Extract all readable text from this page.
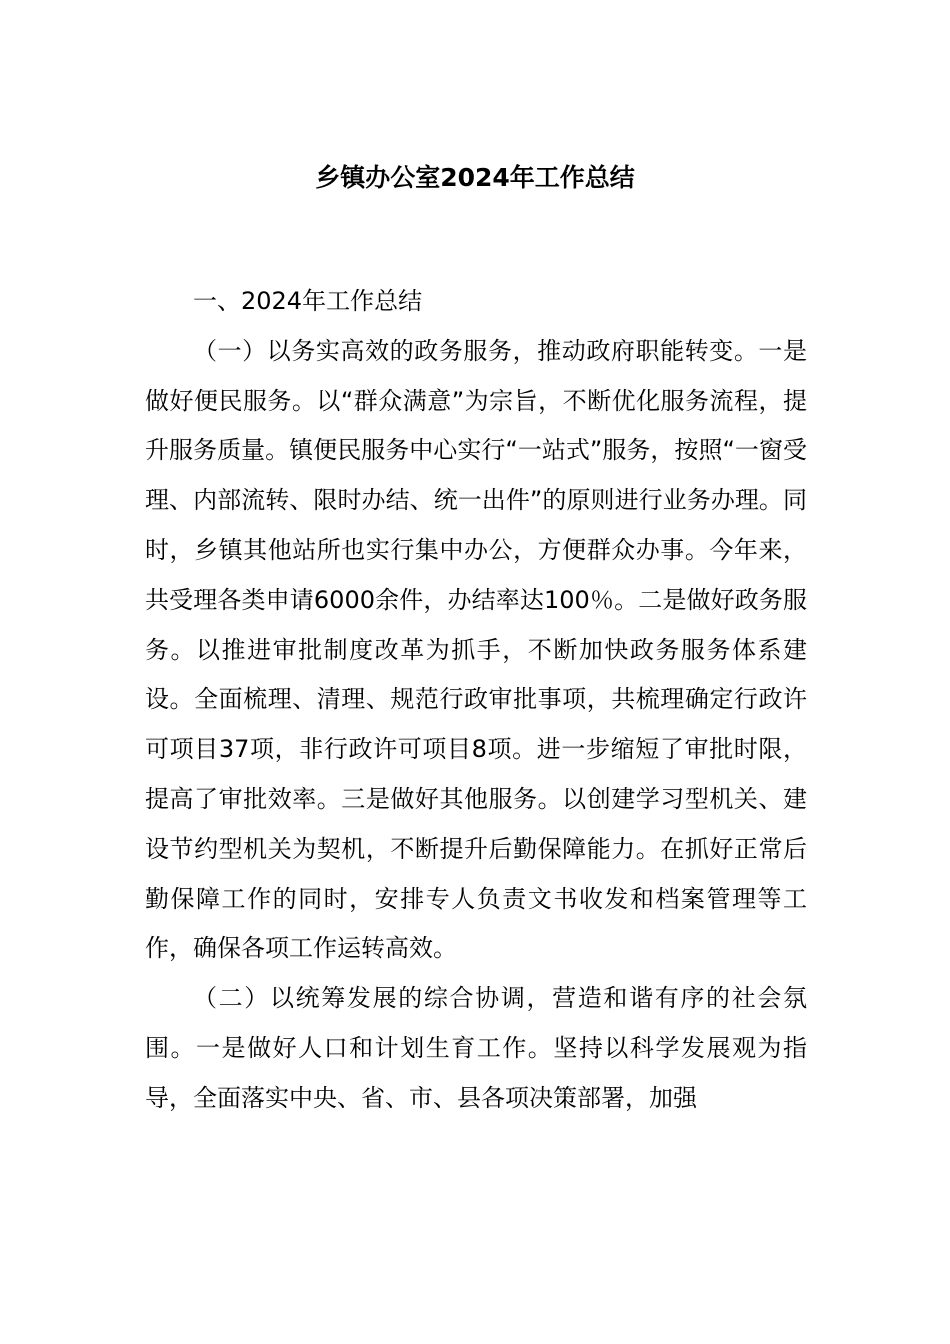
乡镇办公室2024年工作总结

一、2024年工作总结

（一）以务实高效的政务服务，推动政府职能转变。一是做好便民服务。以“群众满意”为宗旨，不断优化服务流程，提升服务质量。镇便民服务中心实行“一站式”服务，按照“一窗受理、内部流转、限时办结、统一出件”的原则进行业务办理。同时，乡镇其他站所也实行集中办公，方便群众办事。今年来，共受理各类申请6000余件，办结率达100％。二是做好政务服务。以推进审批制度改革为抓手，不断加快政务服务体系建设。全面梳理、清理、规范行政审批事项，共梳理确定行政许可项目37项，非行政许可项目8项。进一步缩短了审批时限，提高了审批效率。三是做好其他服务。以创建学习型机关、建设节约型机关为契机，不断提升后勤保障能力。在抓好正常后勤保障工作的同时，安排专人负责文书收发和档案管理等工作，确保各项工作运转高效。

（二）以统筹发展的综合协调，营造和谐有序的社会氛围。一是做好人口和计划生育工作。坚持以科学发展观为指导，全面落实中央、省、市、县各项决策部署，加强
